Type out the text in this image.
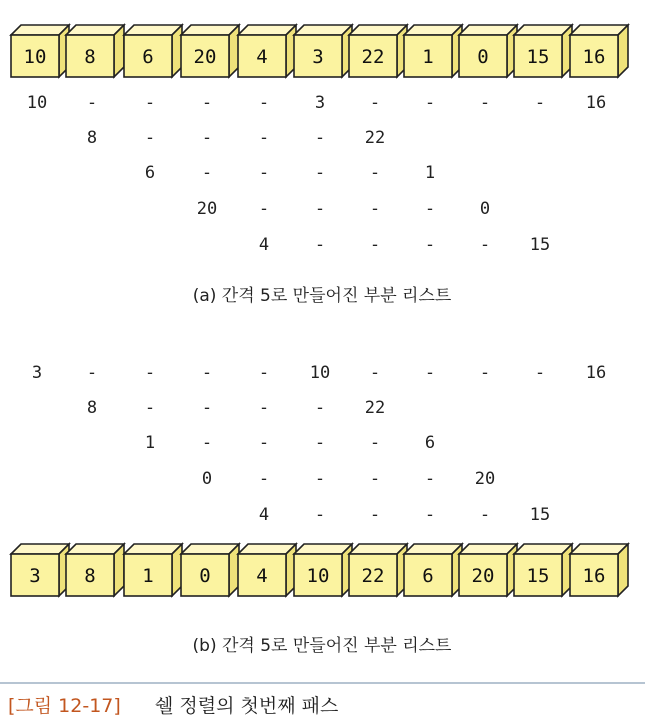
10 8 6 20 4 3 22 1 0 15 16
10 -	-	-	-	3	-	-	-	- 16
8	-	-	-	- 22
6	-	-	-	-	1
20 -	-	-	-	0
4	-	-	-	- 15
(a) 간격 5로 만들어진 부분 리스트
3	-	-	-	- 10 -	-	-	- 16
8	-	-	-	- 22
1	-	-	-	-	6
0	-	-	-	- 20
4	-	-	-	- 15
3 8 1 0 4 10 22 6 20 15 16
(b) 간격 5로 만들어진 부분 리스트
[그림 12-17] 쉘 정렬의 첫번째 패스
